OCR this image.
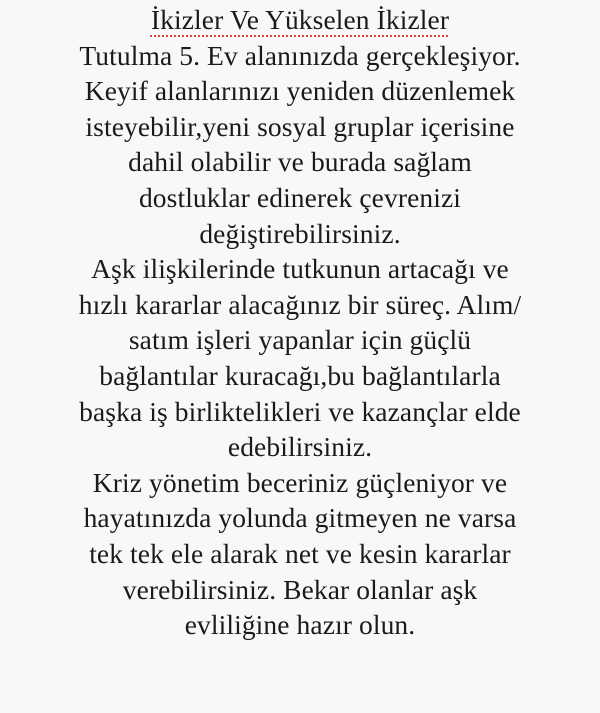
İkizler Ve Yükselen İkizler
Tutulma 5. Ev alanınızda gerçekleşiyor.
Keyif alanlarınızı yeniden düzenlemek
isteyebilir,yeni sosyal gruplar içerisine
dahil olabilir ve burada sağlam
dostluklar edinerek çevrenizi
değiştirebilirsiniz.
Aşk ilişkilerinde tutkunun artacağı ve
hızlı kararlar alacağınız bir süreç. Alım/
satım işleri yapanlar için güçlü
bağlantılar kuracağı,bu bağlantılarla
başka iş birliktelikleri ve kazançlar elde
edebilirsiniz.
Kriz yönetim beceriniz güçleniyor ve
hayatınızda yolunda gitmeyen ne varsa
tek tek ele alarak net ve kesin kararlar
verebilirsiniz. Bekar olanlar aşk
evliliğine hazır olun.
